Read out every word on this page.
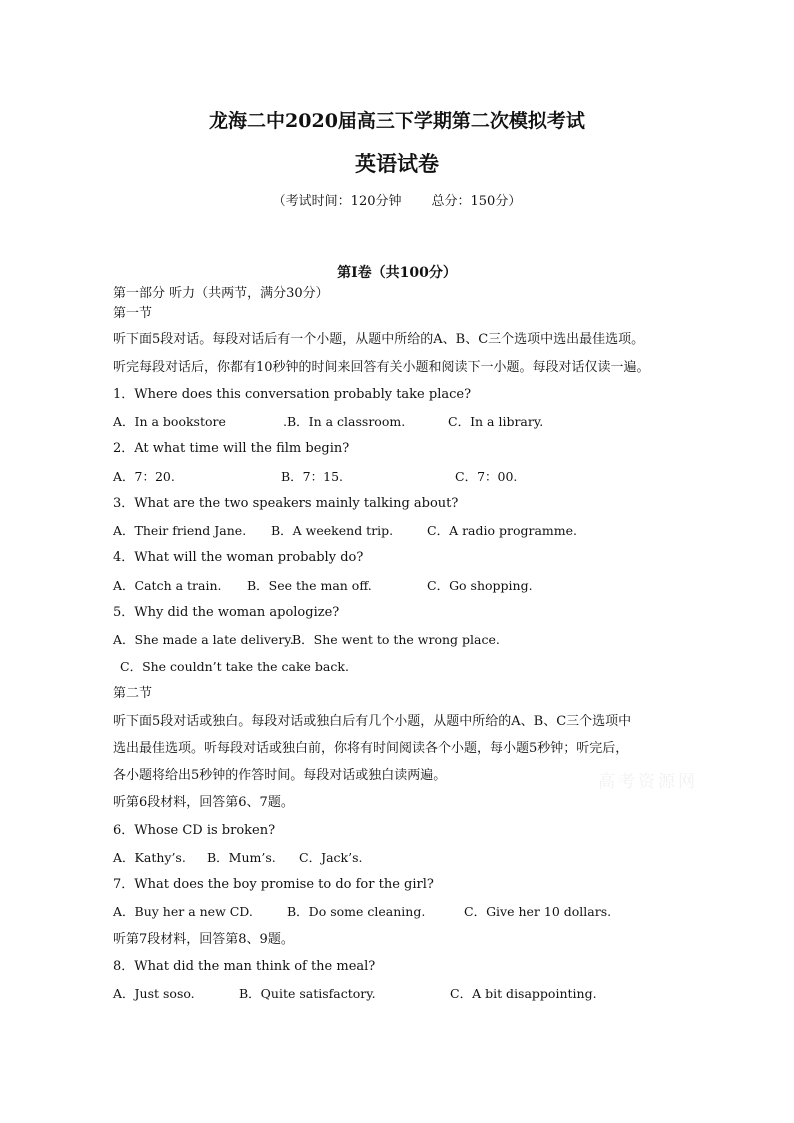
龙海二中2020届高三下学期第二次模拟考试
英语试卷
（考试时间：120分钟 总分：150分）
第I卷（共100分）
第一部分 听力（共两节，满分30分）
第一节
听下面5段对话。每段对话后有一个小题，从题中所给的A、B、C三个选项中选出最佳选项。
听完每段对话后，你都有10秒钟的时间来回答有关小题和阅读下一小题。每段对话仅读一遍。
1．Where does this conversation probably take place?
A．In a bookstore	.B．In a classroom.	C．In a library.
2．At what time will the film begin?
A．7：20.	B．7：15.	C．7：00.
3．What are the two speakers mainly talking about?
A．Their friend Jane. B．A weekend trip.	C．A radio programme.
4．What will the woman probably do?
A．Catch a train. B．See the man off.	C．Go shopping.
5．Why did the woman apologize?
A．She made a late delivery.
B．She went to the wrong place.
C．She couldn’t take the cake back.
第二节
听下面5段对话或独白。每段对话或独白后有几个小题，从题中所给的A、B、C三个选项中
选出最佳选项。听每段对话或独白前，你将有时间阅读各个小题，每小题5秒钟；听完后，
各小题将给出5秒钟的作答时间。每段对话或独白读两遍。
听第6段材料，回答第6、7题。
6．Whose CD is broken?
A．Kathy’s. B．Mum’s. C．Jack’s.
7．What does the boy promise to do for the girl?
A．Buy her a new CD.	B．Do some cleaning.	C．Give her 10 dollars.
听第7段材料，回答第8、9题。
8．What did the man think of the meal?
A．Just soso.	B．Quite satisfactory.	C．A bit disappointing.
高考资源网
